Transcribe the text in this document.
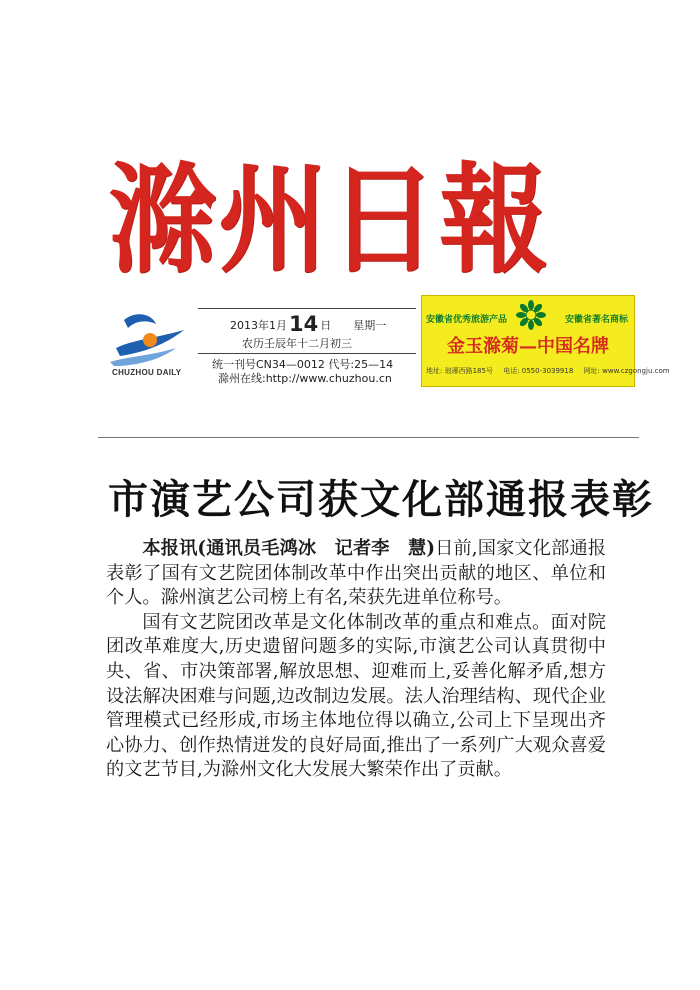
滁州日報
CHUZHOU DAILY
2013年1月14 日 星期一
农历壬辰年十二月初三
统一刊号CN34—0012 代号:25—14
滁州在线:http://www.chuzhou.cn
安徽省优秀旅游产品	安徽省著名商标
金玉滁菊—中国名牌
地址: 琅琊西路185号 电话: 0550-3039918 网址: www.czgongju.com
市演艺公司获文化部通报表彰

本报讯(通讯员毛鸿冰　记者李　慧)日前,国家文化部通报表彰了国有文艺院团体制改革中作出突出贡献的地区、单位和个人。滁州演艺公司榜上有名,荣获先进单位称号。

国有文艺院团改革是文化体制改革的重点和难点。面对院团改革难度大,历史遗留问题多的实际,市演艺公司认真贯彻中央、省、市决策部署,解放思想、迎难而上,妥善化解矛盾,想方设法解决困难与问题,边改制边发展。法人治理结构、现代企业管理模式已经形成,市场主体地位得以确立,公司上下呈现出齐心协力、创作热情迸发的良好局面,推出了一系列广大观众喜爱的文艺节目,为滁州文化大发展大繁荣作出了贡献。
